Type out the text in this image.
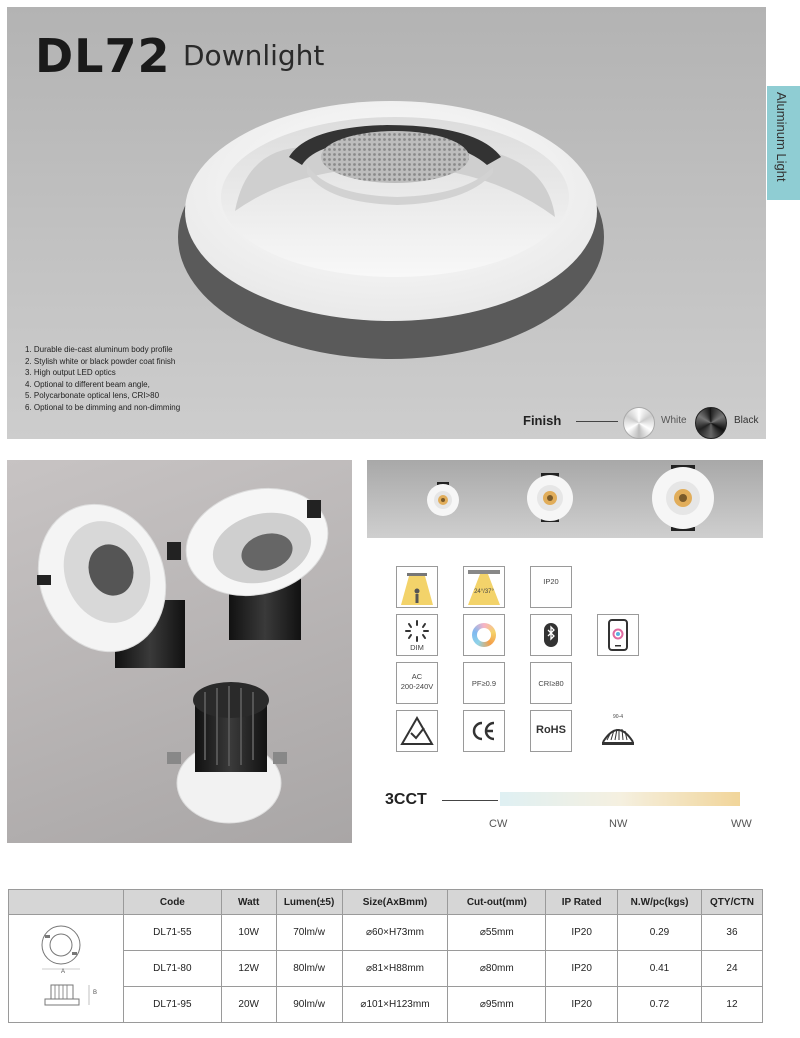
DL72 Downlight
1. Durable die-cast aluminum body profile
2. Stylish white or black powder coat finish
3. High output LED optics
4. Optional to different beam angle,
5. Polycarbonate optical lens, CRI>80
6. Optional to be dimming and non-dimming
Finish	White	Black
Aluminum Light
24°/37°
IP20
DIM
AC
200-240V	PF≥0.9	CRI≥80
RoHS
90-4
3CCT
CW	NW	WW
	Code	Watt	Lumen(±5)	Size(AxBmm)	Cut-out(mm)	IP Rated	N.W/pc(kgs)	QTY/CTN

A
B	DL71-55	10W	70lm/w	⌀60×H73mm	⌀55mm	IP20	0.29	36
	DL71-80	12W	80lm/w	⌀81×H88mm	⌀80mm	IP20	0.41	24
	DL71-95	20W	90lm/w	⌀101×H123mm	⌀95mm	IP20	0.72	12
